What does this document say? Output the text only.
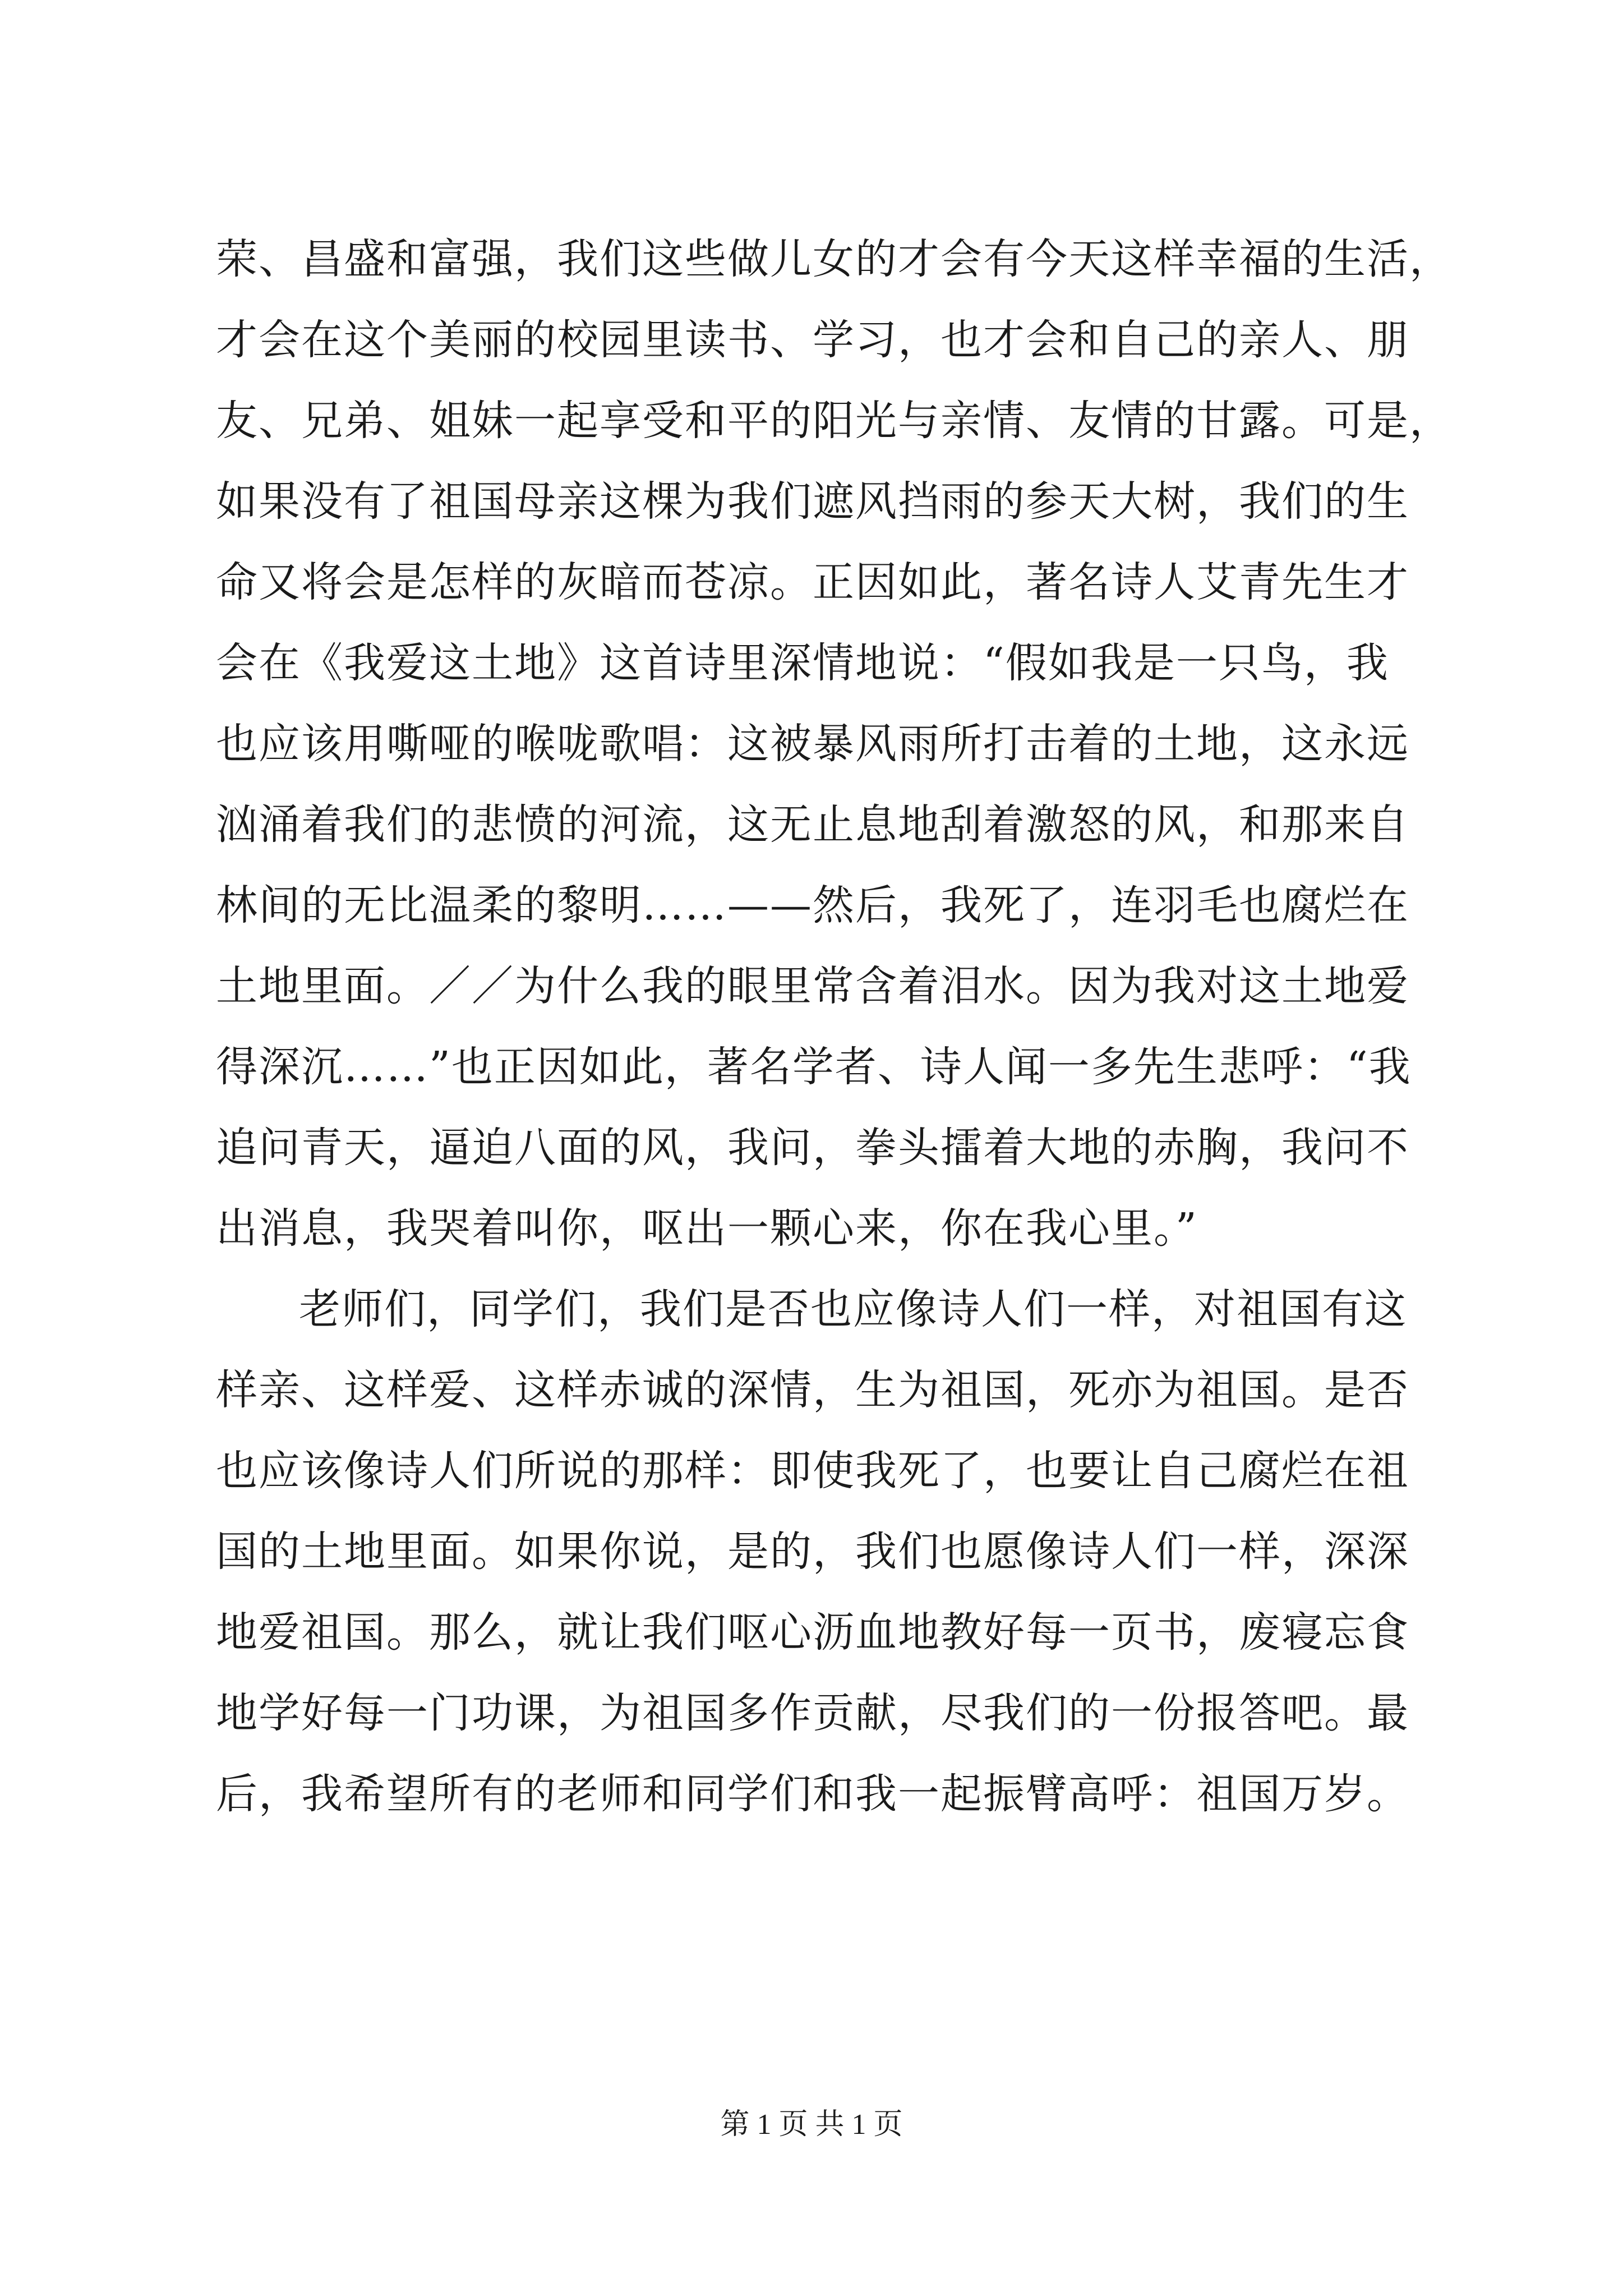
荣、昌盛和富强，我们这些做儿女的才会有今天这样幸福的生活，
才会在这个美丽的校园里读书、学习，也才会和自己的亲人、朋
友、兄弟、姐妹一起享受和平的阳光与亲情、友情的甘露。可是，
如果没有了祖国母亲这棵为我们遮风挡雨的参天大树，我们的生
命又将会是怎样的灰暗而苍凉。正因如此，著名诗人艾青先生才
会在《我爱这土地》这首诗里深情地说：“假如我是一只鸟，我
也应该用嘶哑的喉咙歌唱：这被暴风雨所打击着的土地，这永远
汹涌着我们的悲愤的河流，这无止息地刮着激怒的风，和那来自
林间的无比温柔的黎明……——然后，我死了，连羽毛也腐烂在
土地里面。／／为什么我的眼里常含着泪水。因为我对这土地爱
得深沉……”也正因如此，著名学者、诗人闻一多先生悲呼：“我
追问青天，逼迫八面的风，我问，拳头擂着大地的赤胸，我问不
出消息，我哭着叫你，呕出一颗心来，你在我心里。”
老师们，同学们，我们是否也应像诗人们一样，对祖国有这
样亲、这样爱、这样赤诚的深情，生为祖国，死亦为祖国。是否
也应该像诗人们所说的那样：即使我死了，也要让自己腐烂在祖
国的土地里面。如果你说，是的，我们也愿像诗人们一样，深深
地爱祖国。那么，就让我们呕心沥血地教好每一页书，废寝忘食
地学好每一门功课，为祖国多作贡献，尽我们的一份报答吧。最
后，我希望所有的老师和同学们和我一起振臂高呼：祖国万岁。
第 1 页 共 1 页
